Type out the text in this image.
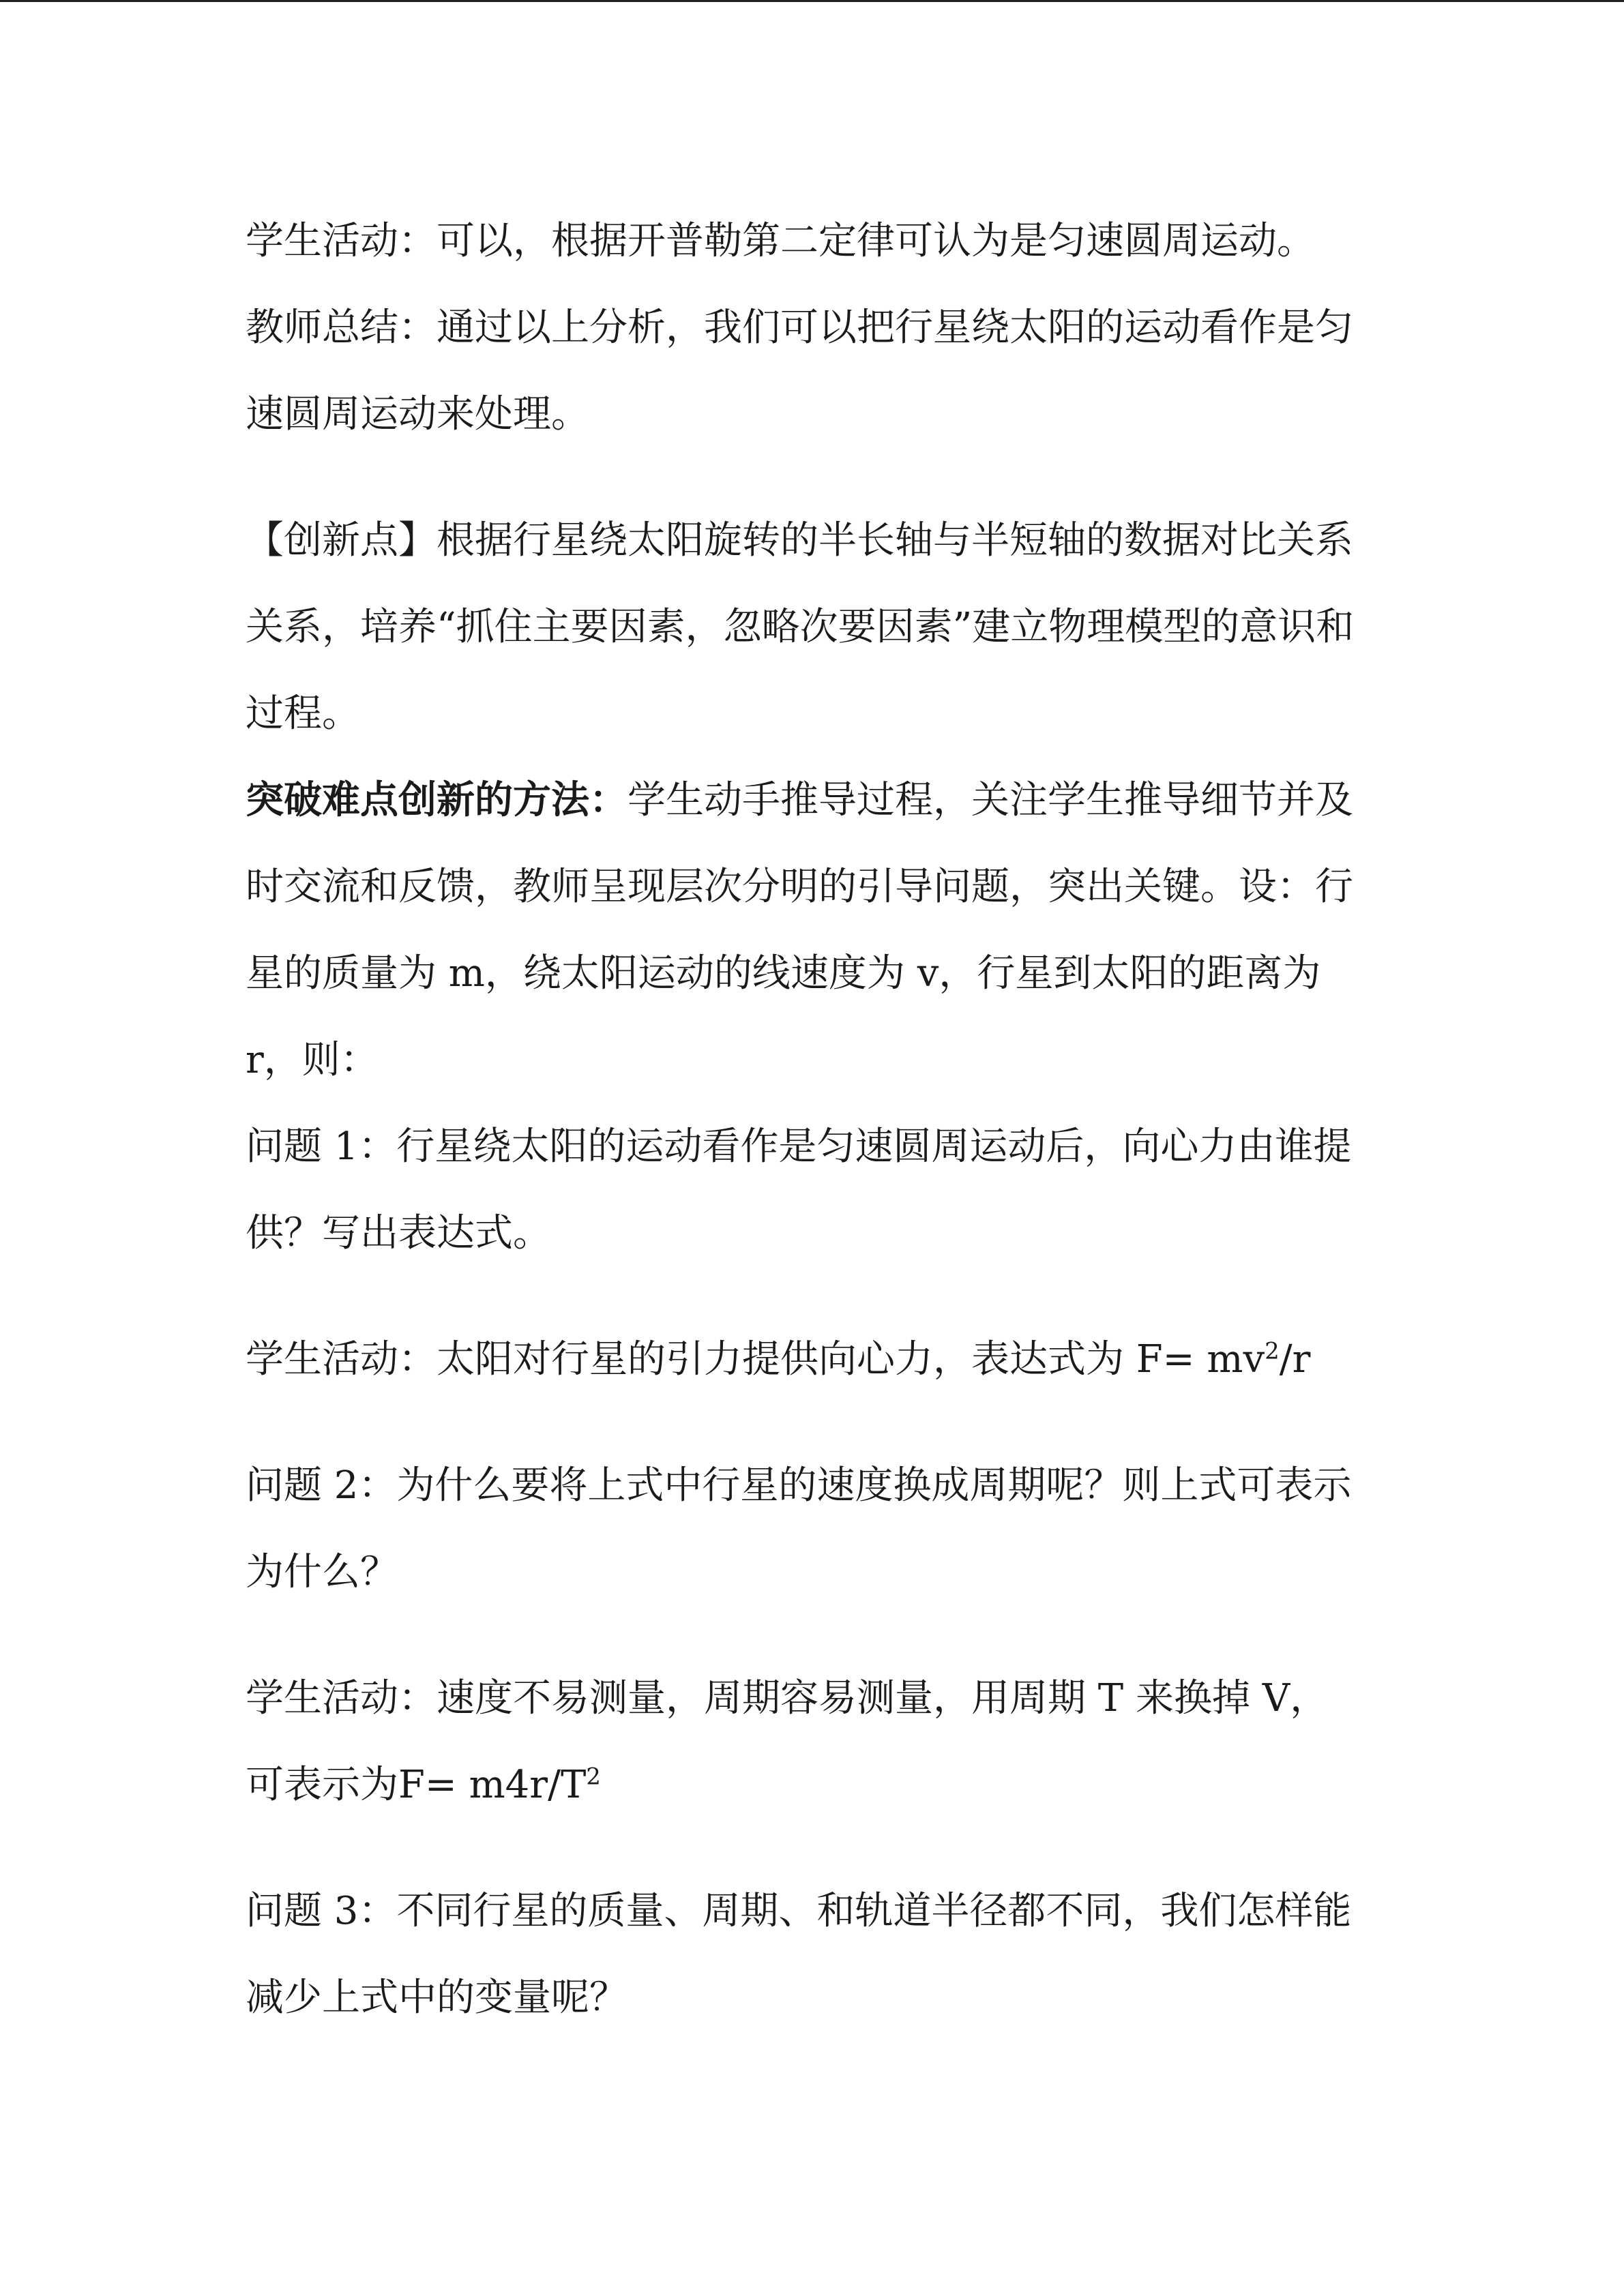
学生活动：可以，根据开普勒第二定律可认为是匀速圆周运动。

教师总结：通过以上分析，我们可以把行星绕太阳的运动看作是匀速圆周运动来处理。

【创新点】根据行星绕太阳旋转的半长轴与半短轴的数据对比关系关系，培养“抓住主要因素，忽略次要因素”建立物理模型的意识和过程。

突破难点创新的方法：学生动手推导过程，关注学生推导细节并及时交流和反馈，教师呈现层次分明的引导问题，突出关键。设：行星的质量为 m，绕太阳运动的线速度为 v，行星到太阳的距离为 r，则：

问题 1：行星绕太阳的运动看作是匀速圆周运动后，向心力由谁提供？写出表达式。

学生活动：太阳对行星的引力提供向心力，表达式为 $F= mv^2/r$

问题 2：为什么要将上式中行星的速度换成周期呢？则上式可表示为什么？

学生活动：速度不易测量，周期容易测量，用周期 T 来换掉 V，可表示为$F= m4r/T^2$

问题 3：不同行星的质量、周期、和轨道半径都不同，我们怎样能减少上式中的变量呢？
